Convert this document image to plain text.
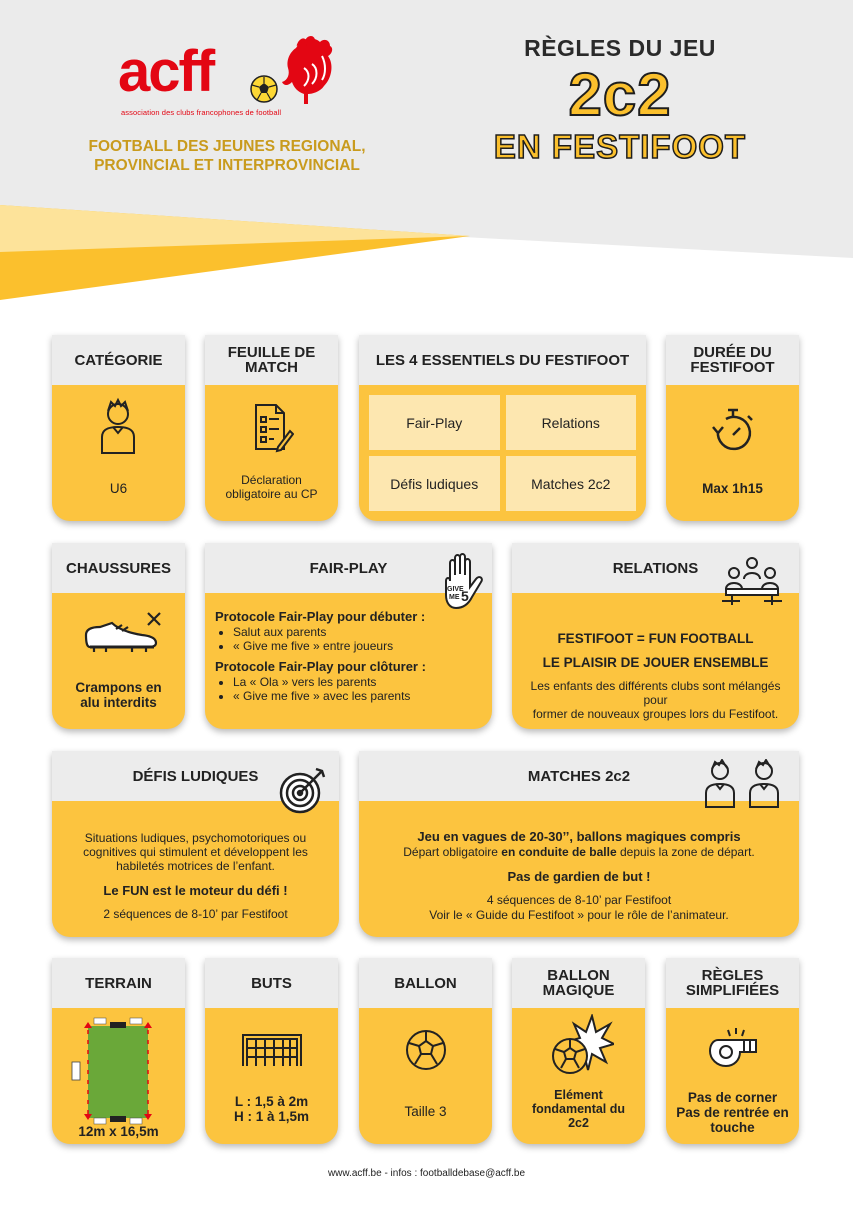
acff
association des clubs francophones de football
FOOTBALL DES JEUNES REGIONAL,
PROVINCIAL ET INTERPROVINCIAL
RÈGLES DU JEU
2c2
EN FESTIFOOT
CATÉGORIE
U6
FEUILLE DE
MATCH
Déclaration
obligatoire au CP
LES 4 ESSENTIELS DU FESTIFOOT
Fair-Play	Relations
Défis ludiques	Matches 2c2
DURÉE DU
FESTIFOOT
Max 1h15
CHAUSSURES
Crampons en
alu interdits
FAIR-PLAY
Protocole Fair-Play pour débuter :
• Salut aux parents
• « Give me five » entre joueurs
Protocole Fair-Play pour clôturer :
• La « Ola » vers les parents
• « Give me five » avec les parents
GIVE
ME 5
RELATIONS
FESTIFOOT = FUN FOOTBALL
LE PLAISIR DE JOUER ENSEMBLE
Les enfants des différents clubs sont mélangés pour
former de nouveaux groupes lors du Festifoot.
DÉFIS LUDIQUES
Situations ludiques, psychomotoriques ou
cognitives qui stimulent et développent les
habiletés motrices de l’enfant.
Le FUN est le moteur du défi !
2 séquences de 8-10’ par Festifoot
MATCHES 2c2
Jeu en vagues de 20-30’’, ballons magiques compris
Départ obligatoire en conduite de balle depuis la zone de départ.
Pas de gardien de but !
4 séquences de 8-10’ par Festifoot
Voir le « Guide du Festifoot » pour le rôle de l’animateur.
TERRAIN
12m x 16,5m
BUTS
L : 1,5 à 2m
H : 1 à 1,5m
BALLON
Taille 3
BALLON
MAGIQUE
Elément
fondamental du
2c2
RÈGLES
SIMPLIFIÉES
Pas de corner
Pas de rentrée en
touche
www.acff.be - infos : footballdebase@acff.be
